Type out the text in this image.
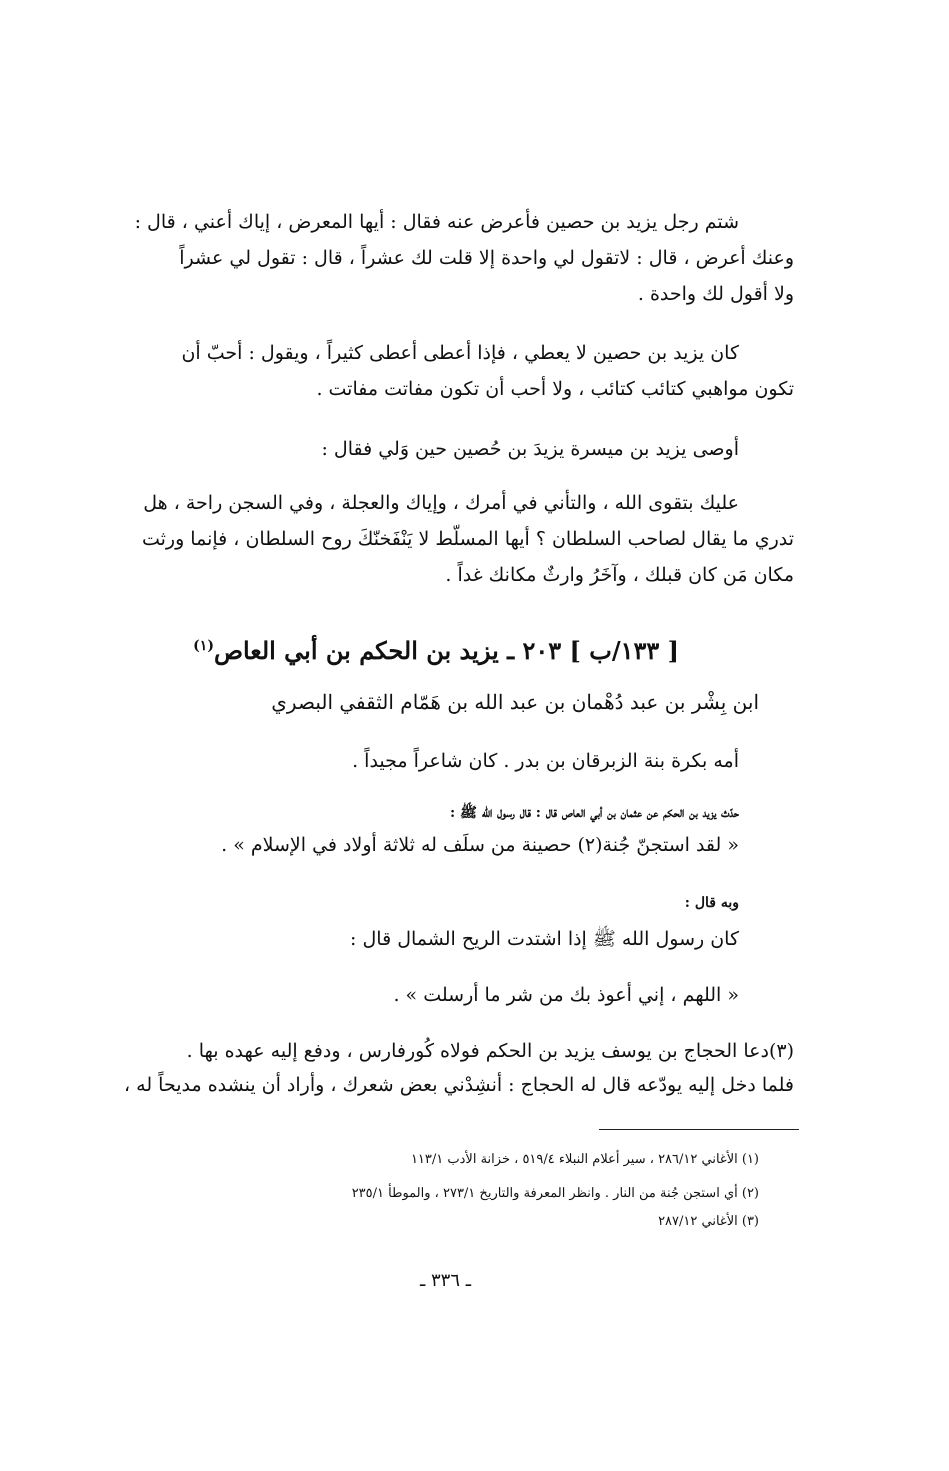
شتم رجل يزيد بن حصين فأعرض عنه فقال : أيها المعرض ، إياك أعني ، قال :
وعنك أعرض ، قال : لاتقول لي واحدة إلا قلت لك عشراً ، قال : تقول لي عشراً
ولا أقول لك واحدة .
كان يزيد بن حصين لا يعطي ، فإذا أعطى أعطى كثيراً ، ويقول : أحبّ أن
تكون مواهبي كتائب كتائب ، ولا أحب أن تكون مفاتت مفاتت .
أوصى يزيد بن ميسرة يزيدَ بن حُصين حين وَلي فقال :
عليك بتقوى الله ، والتأني في أمرك ، وإياك والعجلة ، وفي السجن راحة ، هل
تدري ما يقال لصاحب السلطان ؟ أيها المسلّط لا يَنْفَخنّكَ روح السلطان ، فإنما ورثت
مكان مَن كان قبلك ، وآخَرُ وارثٌ مكانك غداً .
[ ١٣٣/ب ] ٢٠٣ ـ يزيد بن الحكم بن أبي العاص$^{(١)}$
ابن بِشْر بن عبد دُهْمان بن عبد الله بن هَمّام الثقفي البصري
أمه بكرة بنة الزبرقان بن بدر . كان شاعراً مجيداً .
حدّث يزيد بن الحكم عن عثمان بن أبي العاص قال : قال رسول الله ﷺ :
« لقد استجنّ جُنة(٢) حصينة من سلَف له ثلاثة أولاد في الإسلام » .
وبه قال :
كان رسول الله ﷺ إذا اشتدت الريح الشمال قال :
« اللهم ، إني أعوذ بك من شر ما أرسلت » .
(٣)دعا الحجاج بن يوسف يزيد بن الحكم فولاه كُورفارس ، ودفع إليه عهده بها .
فلما دخل إليه يودّعه قال له الحجاج : أنشِدْني بعض شعرك ، وأراد أن ينشده مديحاً له ،
(١) الأغاني ٢٨٦/١٢ ، سير أعلام النبلاء ٥١٩/٤ ، خزانة الأدب ١١٣/١
(٢) أي استجن جُنة من النار . وانظر المعرفة والتاريخ ٢٧٣/١ ، والموطأ ٢٣٥/١
(٣) الأغاني ٢٨٧/١٢
ـ ٣٣٦ ـ
